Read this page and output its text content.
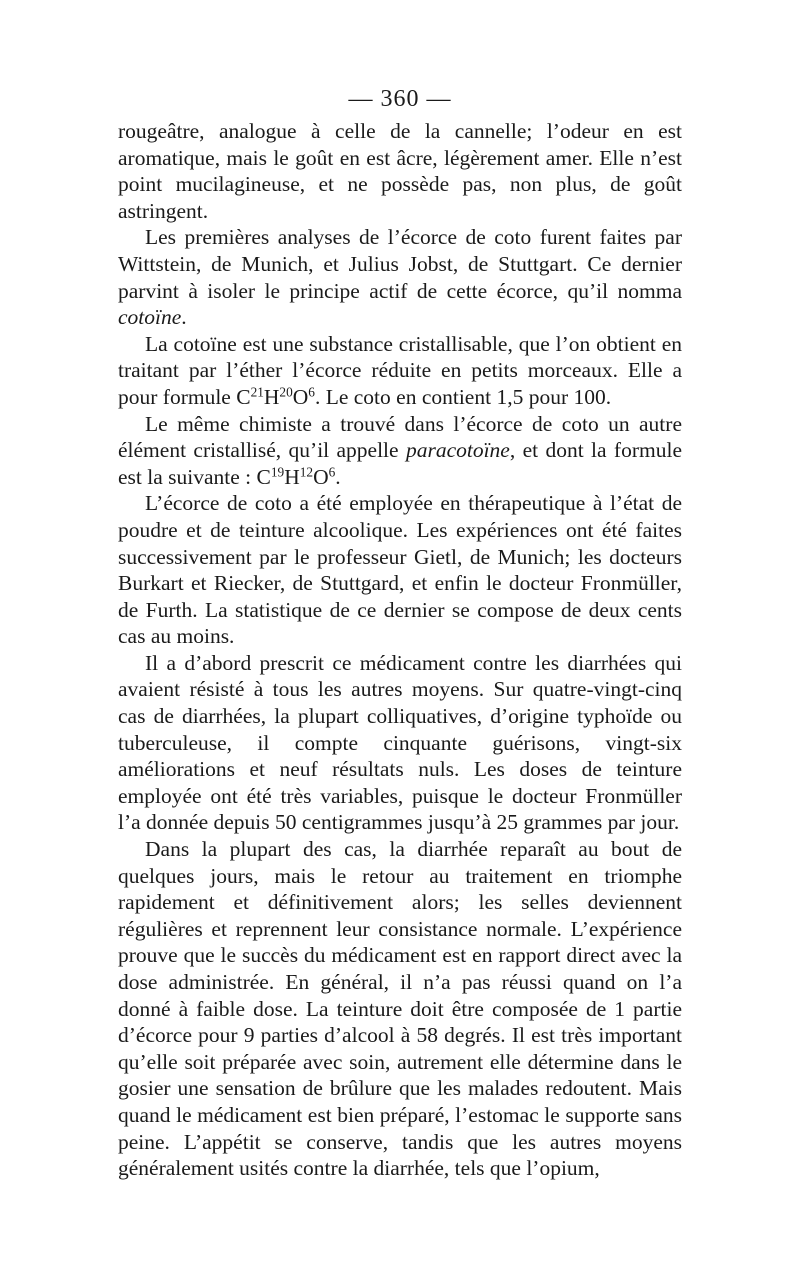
— 360 —

rougeâtre, analogue à celle de la cannelle; l’odeur en est aromatique, mais le goût en est âcre, légèrement amer. Elle n’est point mucilagineuse, et ne possède pas, non plus, de goût astringent.

Les premières analyses de l’écorce de coto furent faites par Wittstein, de Munich, et Julius Jobst, de Stuttgart. Ce dernier parvint à isoler le principe actif de cette écorce, qu’il nomma cotoïne.

La cotoïne est une substance cristallisable, que l’on obtient en traitant par l’éther l’écorce réduite en petits morceaux. Elle a pour formule $C^{21}H^{20}O^6$. Le coto en contient 1,5 pour 100.

Le même chimiste a trouvé dans l’écorce de coto un autre élément cristallisé, qu’il appelle paracotoïne, et dont la formule est la suivante : $C^{19}H^{12}O^6$.

L’écorce de coto a été employée en thérapeutique à l’état de poudre et de teinture alcoolique. Les expériences ont été faites successivement par le professeur Gietl, de Munich; les docteurs Burkart et Riecker, de Stuttgard, et enfin le docteur Fronmüller, de Furth. La statistique de ce dernier se compose de deux cents cas au moins.

Il a d’abord prescrit ce médicament contre les diarrhées qui avaient résisté à tous les autres moyens. Sur quatre-vingt-cinq cas de diarrhées, la plupart colliquatives, d’origine typhoïde ou tuberculeuse, il compte cinquante guérisons, vingt-six améliorations et neuf résultats nuls. Les doses de teinture employée ont été très variables, puisque le docteur Fronmüller l’a donnée depuis 50 centigrammes jusqu’à 25 grammes par jour.

Dans la plupart des cas, la diarrhée reparaît au bout de quelques jours, mais le retour au traitement en triomphe rapidement et définitivement alors; les selles deviennent régulières et reprennent leur consistance normale. L’expérience prouve que le succès du médicament est en rapport direct avec la dose administrée. En général, il n’a pas réussi quand on l’a donné à faible dose. La teinture doit être composée de 1 partie d’écorce pour 9 parties d’alcool à 58 degrés. Il est très important qu’elle soit préparée avec soin, autrement elle détermine dans le gosier une sensation de brûlure que les malades redoutent. Mais quand le médicament est bien préparé, l’estomac le supporte sans peine. L’appétit se conserve, tandis que les autres moyens généralement usités contre la diarrhée, tels que l’opium,
